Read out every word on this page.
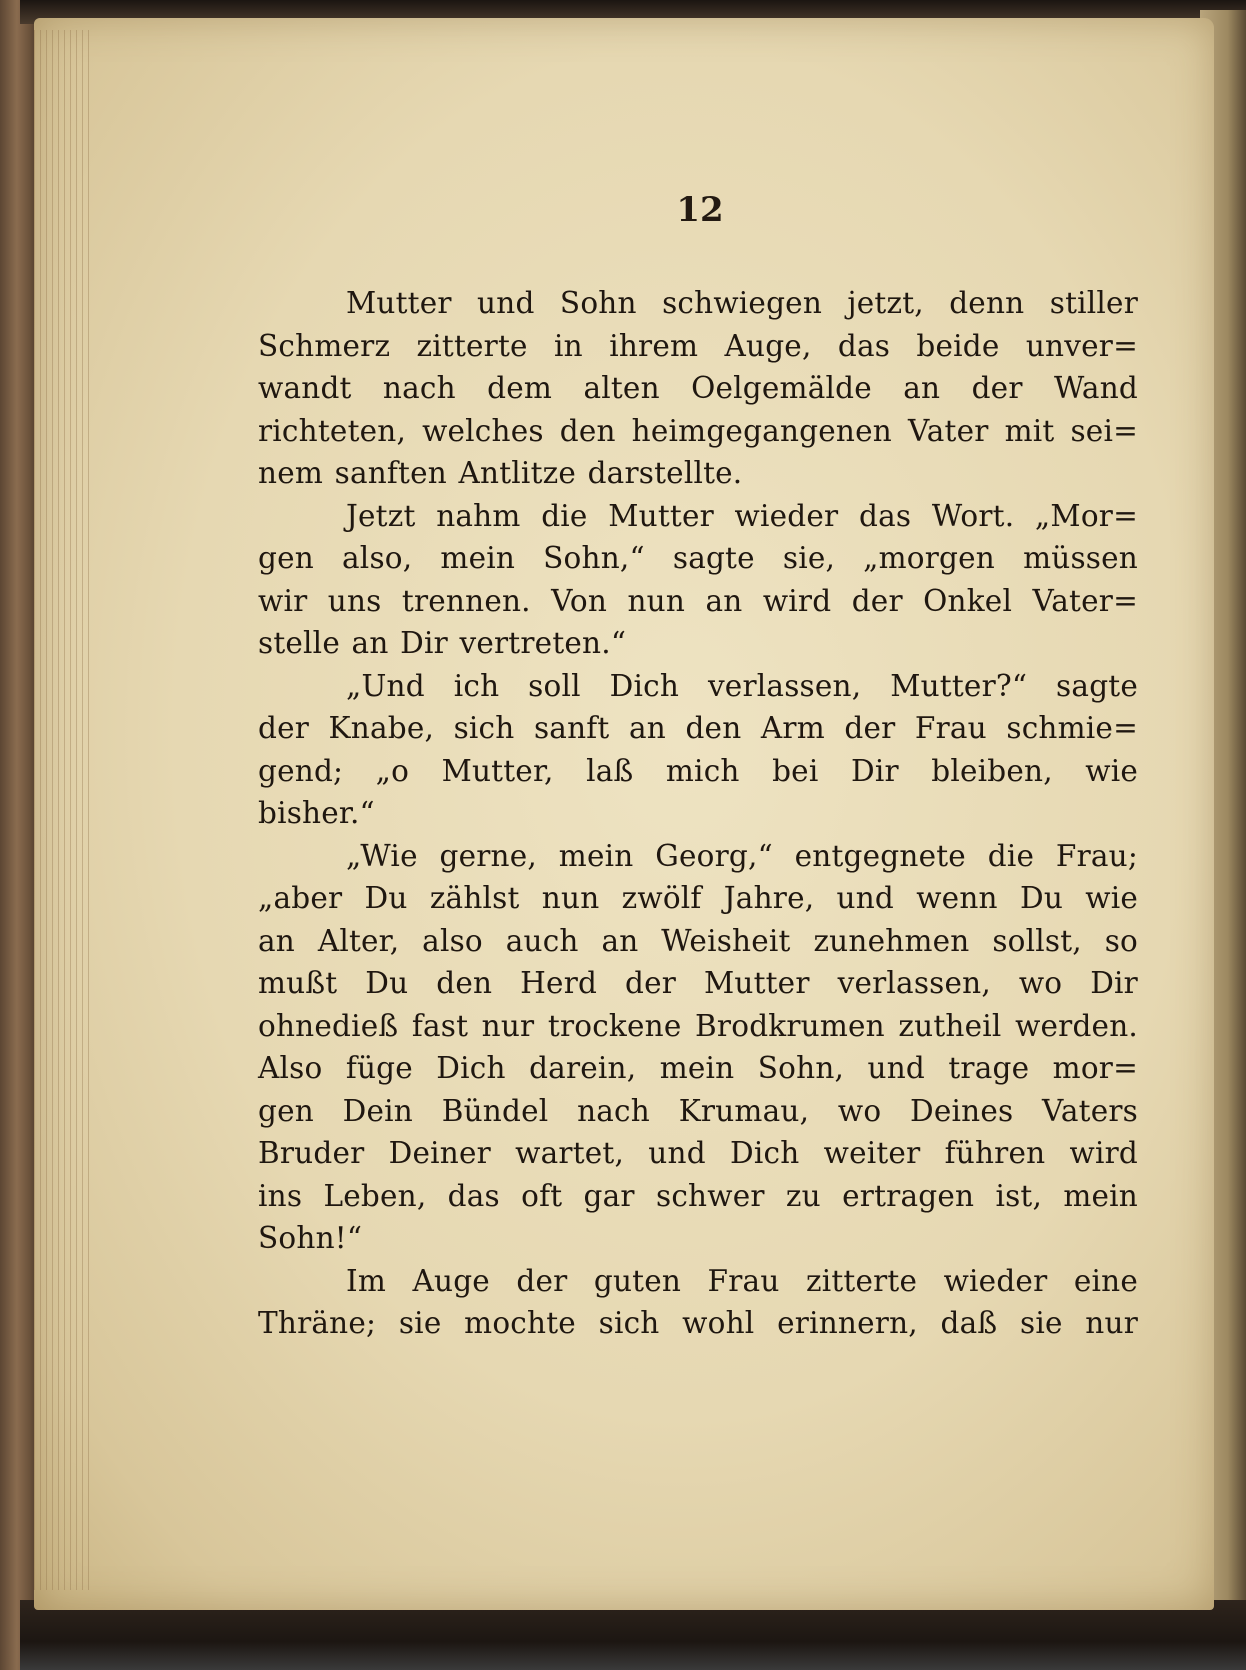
12
Mutter und Sohn schwiegen jetzt, denn stiller
Schmerz zitterte in ihrem Auge, das beide unver=
wandt nach dem alten Oelgemälde an der Wand
richteten, welches den heimgegangenen Vater mit sei=
nem sanften Antlitze darstellte.
Jetzt nahm die Mutter wieder das Wort. „Mor=
gen also, mein Sohn,“ sagte sie, „morgen müssen
wir uns trennen. Von nun an wird der Onkel Vater=
stelle an Dir vertreten.“
„Und ich soll Dich verlassen, Mutter?“ sagte
der Knabe, sich sanft an den Arm der Frau schmie=
gend; „o Mutter, laß mich bei Dir bleiben, wie
bisher.“
„Wie gerne, mein Georg,“ entgegnete die Frau;
„aber Du zählst nun zwölf Jahre, und wenn Du wie
an Alter, also auch an Weisheit zunehmen sollst, so
mußt Du den Herd der Mutter verlassen, wo Dir
ohnedieß fast nur trockene Brodkrumen zutheil werden.
Also füge Dich darein, mein Sohn, und trage mor=
gen Dein Bündel nach Krumau, wo Deines Vaters
Bruder Deiner wartet, und Dich weiter führen wird
ins Leben, das oft gar schwer zu ertragen ist, mein
Sohn!“
Im Auge der guten Frau zitterte wieder eine
Thräne; sie mochte sich wohl erinnern, daß sie nur
